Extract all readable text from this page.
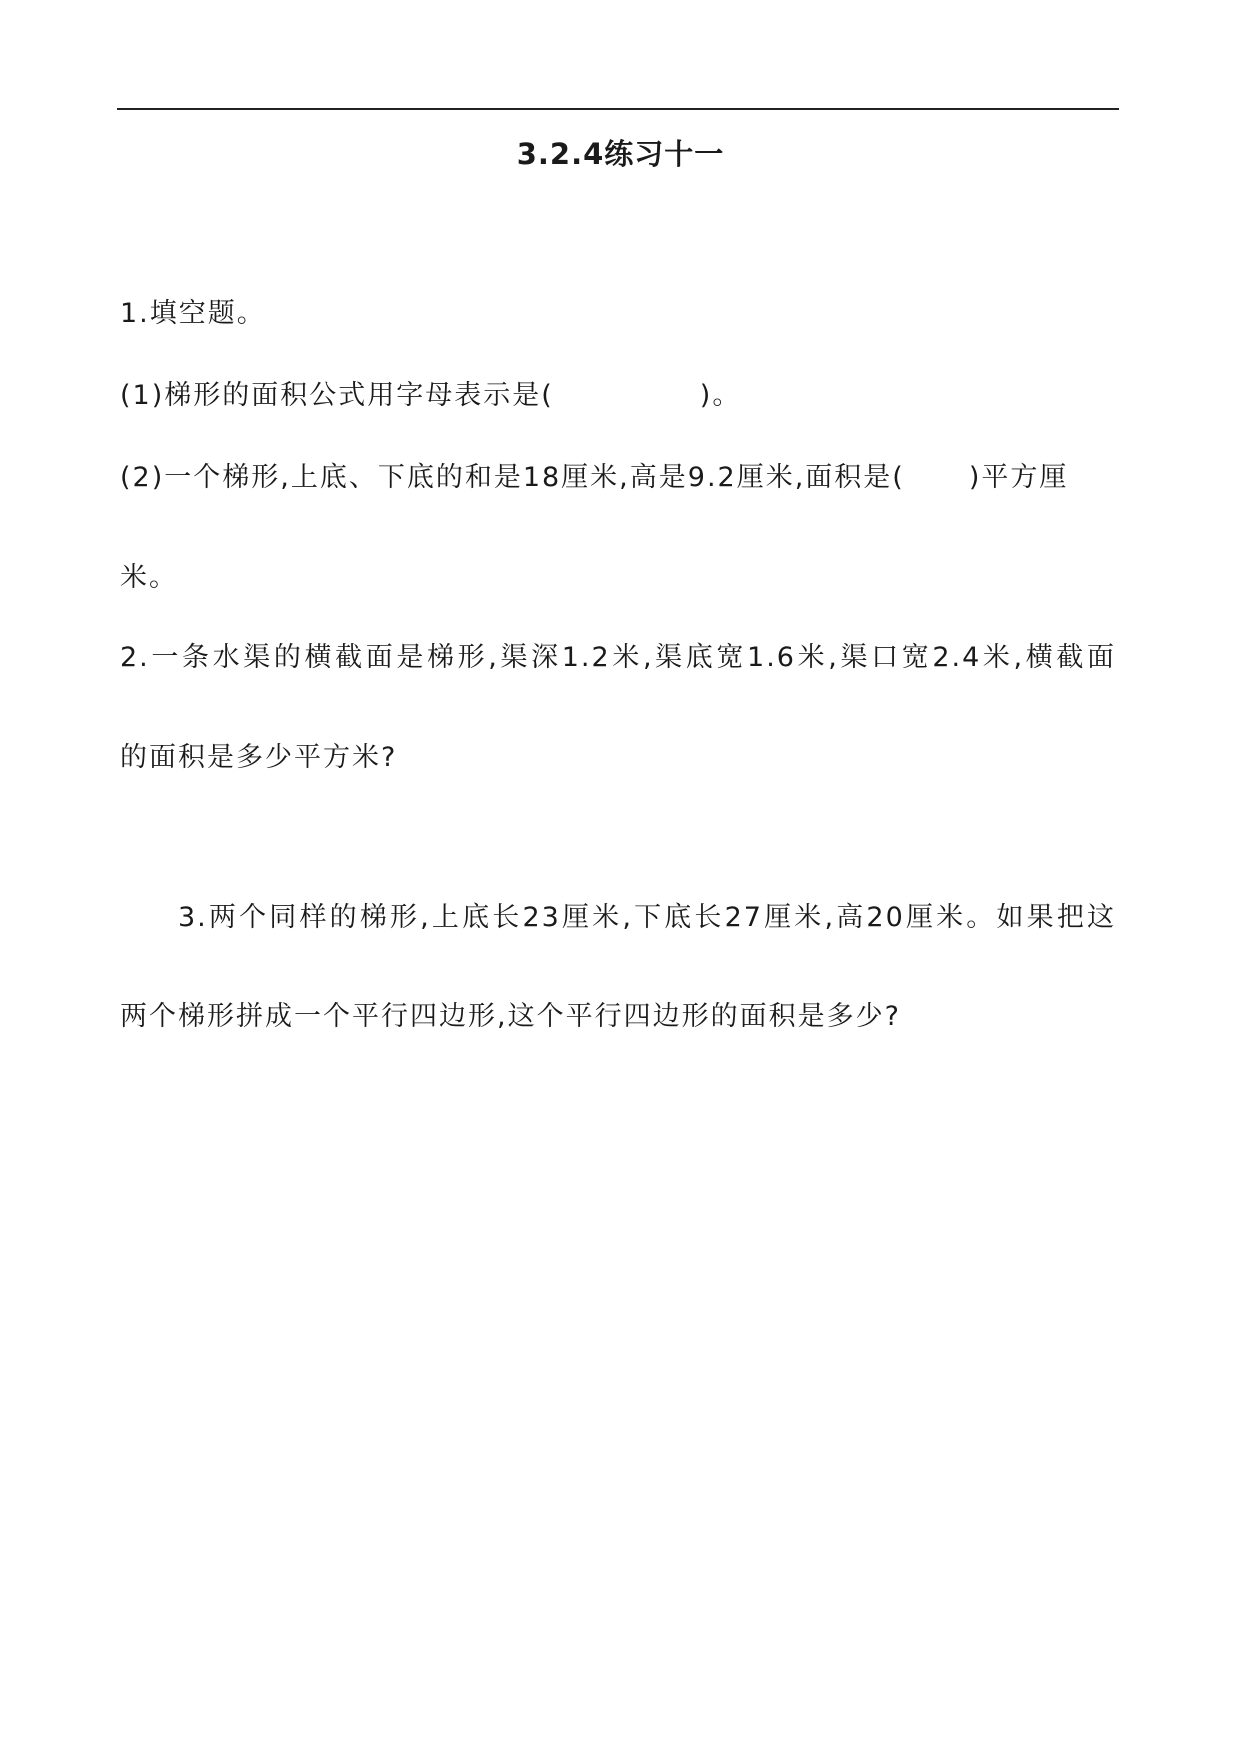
3.2.4练习十一
1.填空题。
(1)梯形的面积公式用字母表示是(	)。
(2)一个梯形,上底、下底的和是18厘米,高是9.2厘米,面积是( )平方厘
米。
2.一条水渠的横截面是梯形,渠深1.2米,渠底宽1.6米,渠口宽2.4米,横截面
的面积是多少平方米?
3.两个同样的梯形,上底长23厘米,下底长27厘米,高20厘米。如果把这
两个梯形拼成一个平行四边形,这个平行四边形的面积是多少?
